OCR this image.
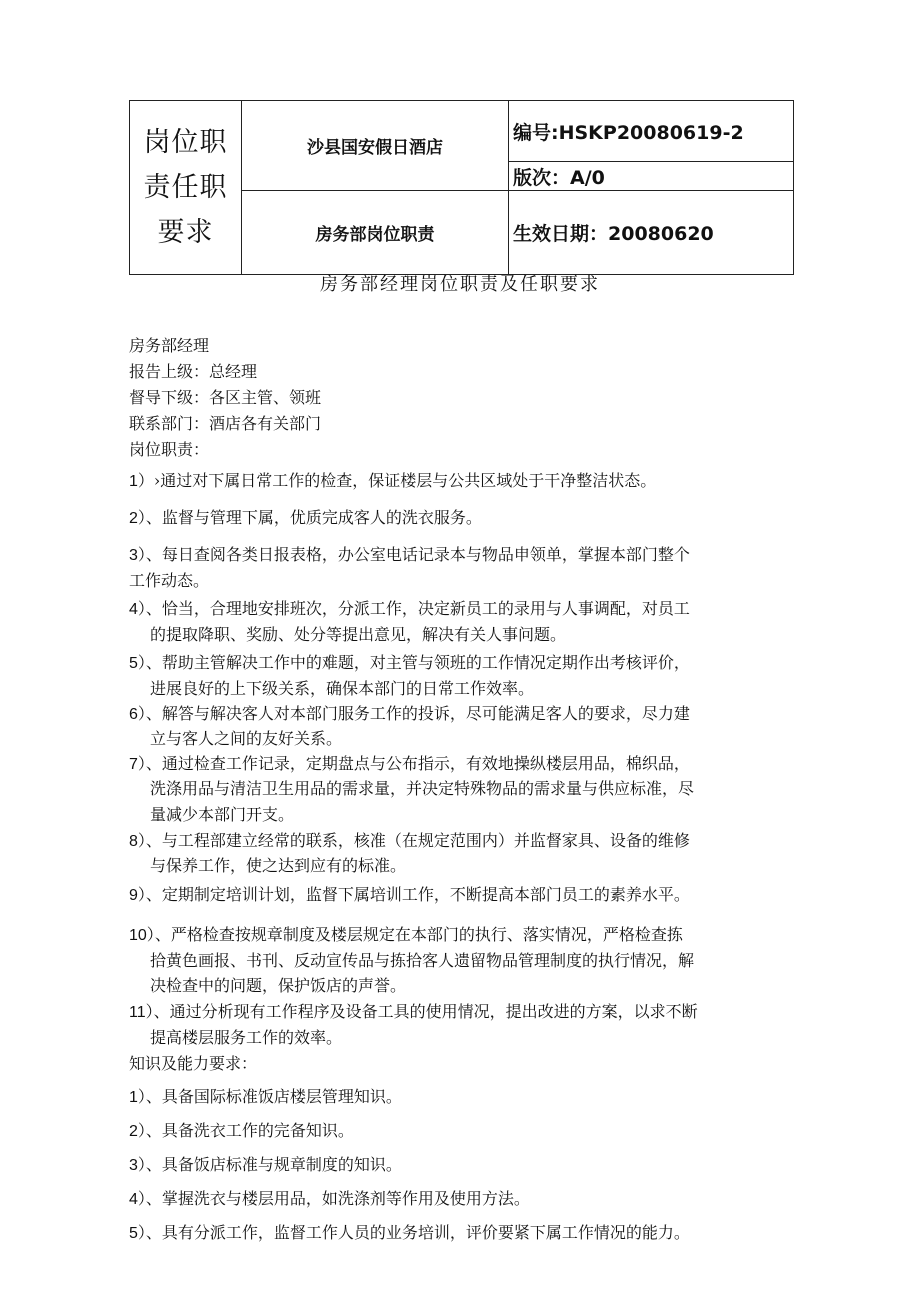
岗位职责任职要求	沙县国安假日酒店	编号:HSKP20080619-2
		版次：A/0
	房务部岗位职责	生效日期：20080620
房务部经理岗位职责及任职要求
房务部经理
报告上级：总经理
督导下级：各区主管、领班
联系部门：酒店各有关部门
岗位职责：
1）›通过对下属日常工作的检查，保证楼层与公共区域处于干净整洁状态。
2）、监督与管理下属，优质完成客人的洗衣服务。
3）、每日查阅各类日报表格，办公室电话记录本与物品申领单，掌握本部门整个
工作动态。
4）、恰当，合理地安排班次，分派工作，决定新员工的录用与人事调配，对员工
的提取降职、奖励、处分等提出意见，解决有关人事问题。
5）、帮助主管解决工作中的难题，对主管与领班的工作情况定期作出考核评价，
进展良好的上下级关系，确保本部门的日常工作效率。
6）、解答与解决客人对本部门服务工作的投诉，尽可能满足客人的要求，尽力建
立与客人之间的友好关系。
7）、通过检查工作记录，定期盘点与公布指示，有效地操纵楼层用品，棉织品，
洗涤用品与清洁卫生用品的需求量，并决定特殊物品的需求量与供应标准，尽
量减少本部门开支。
8）、与工程部建立经常的联系，核准（在规定范围内）并监督家具、设备的维修
与保养工作，使之达到应有的标准。
9）、定期制定培训计划，监督下属培训工作，不断提高本部门员工的素养水平。
10）、严格检查按规章制度及楼层规定在本部门的执行、落实情况，严格检查拣
拾黄色画报、书刊、反动宣传品与拣拾客人遗留物品管理制度的执行情况，解
决检查中的问题，保护饭店的声誉。
11）、通过分析现有工作程序及设备工具的使用情况，提出改进的方案，以求不断
提高楼层服务工作的效率。
知识及能力要求：
1）、具备国际标准饭店楼层管理知识。
2）、具备洗衣工作的完备知识。
3）、具备饭店标准与规章制度的知识。
4）、掌握洗衣与楼层用品，如洗涤剂等作用及使用方法。
5）、具有分派工作，监督工作人员的业务培训，评价要紧下属工作情况的能力。
